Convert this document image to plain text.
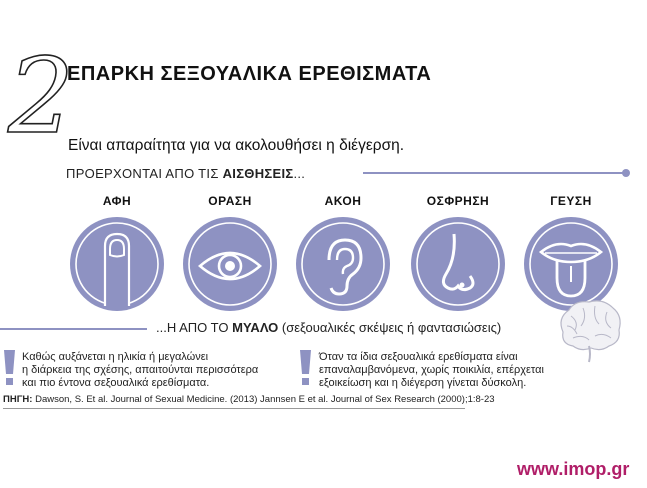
2
ΕΠΑΡΚΗ ΣΕΞΟΥΑΛΙΚΑ ΕΡΕΘΙΣΜΑΤΑ
Είναι απαραίτητα για να ακολουθήσει η διέγερση.
ΠΡΟΕΡΧΟΝΤΑΙ ΑΠΟ ΤΙΣ ΑΙΣΘΗΣΕΙΣ...
ΑΦΗ	ΟΡΑΣΗ	ΑΚΟΗ	ΟΣΦΡΗΣΗ	ΓΕΥΣΗ
...Η ΑΠΟ ΤΟ ΜΥΑΛΟ (σεξουαλικές σκέψεις ή φαντασιώσεις)
Καθώς αυξάνεται η ηλικία ή μεγαλώνει
η διάρκεια της σχέσης, απαιτούνται περισσότερα
και πιο έντονα σεξουαλικά ερεθίσματα.
Όταν τα ίδια σεξουαλικά ερεθίσματα είναι
επαναλαμβανόμενα, χωρίς ποικιλία, επέρχεται
εξοικείωση και η διέγερση γίνεται δύσκολη.
ΠΗΓΗ: Dawson, S. Et al. Journal of Sexual Medicine. (2013) Jannsen E et al. Journal of Sex Research (2000);1:8-23
www.imop.gr
